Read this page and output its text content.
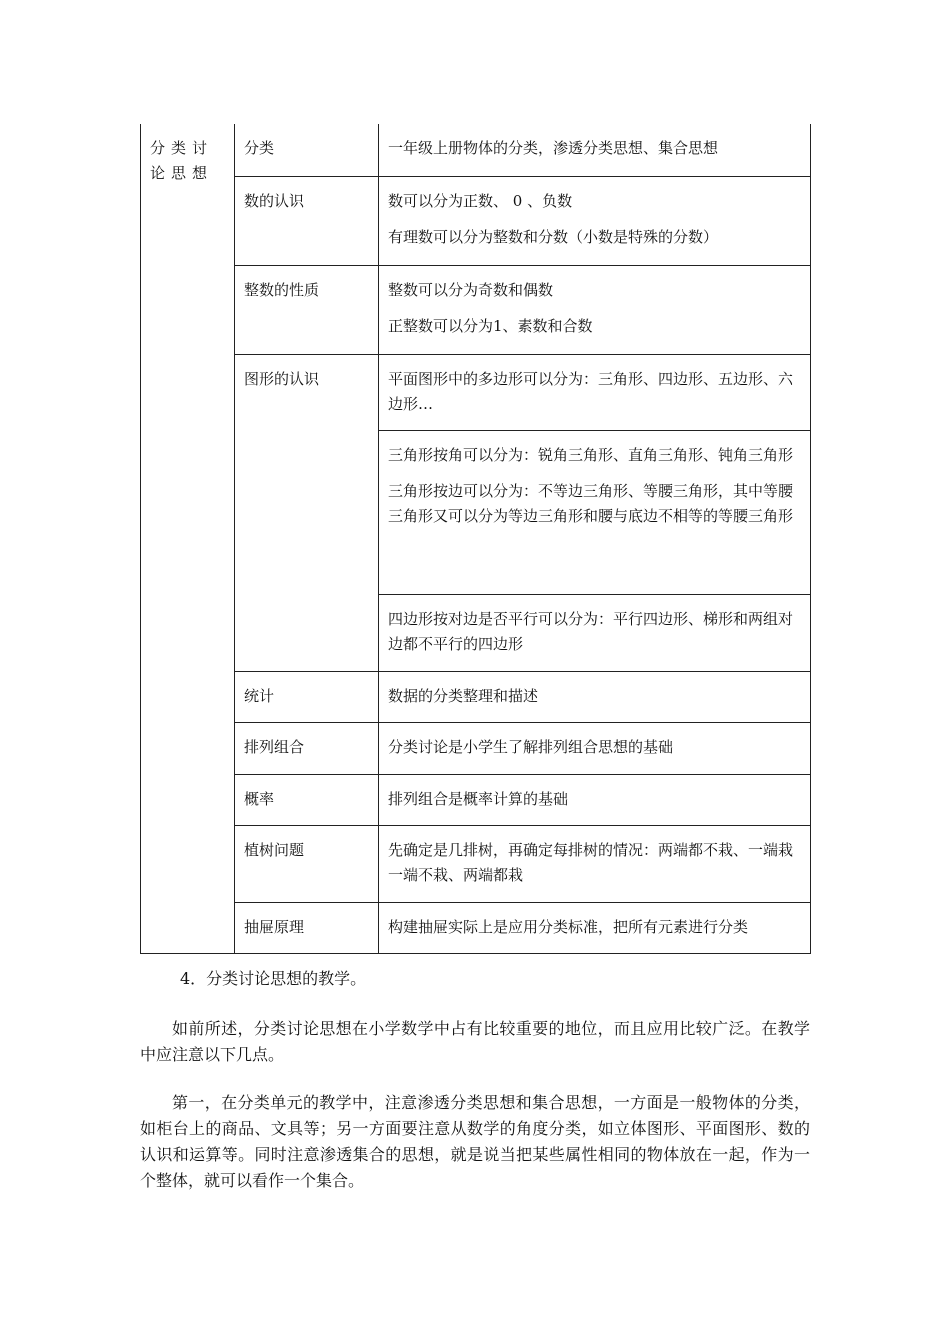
分类讨论思想	分类	一年级上册物体的分类，渗透分类思想、集合思想

	数的认识	数可以分为正数、 0 、负数
有理数可以分为整数和分数（小数是特殊的分数）

	整数的性质	整数可以分为奇数和偶数
正整数可以分为1、素数和合数

	图形的认识	平面图形中的多边形可以分为：三角形、四边形、五边形、六边形…

		三角形按角可以分为：锐角三角形、直角三角形、钝角三角形
三角形按边可以分为：不等边三角形、等腰三角形，其中等腰三角形又可以分为等边三角形和腰与底边不相等的等腰三角形

		四边形按对边是否平行可以分为：平行四边形、梯形和两组对边都不平行的四边形

	统计	数据的分类整理和描述

	排列组合	分类讨论是小学生了解排列组合思想的基础

	概率	排列组合是概率计算的基础

	植树问题	先确定是几排树，再确定每排树的情况：两端都不栽、一端栽一端不栽、两端都栽

	抽屉原理	构建抽屉实际上是应用分类标准，把所有元素进行分类
4．分类讨论思想的教学。
如前所述，分类讨论思想在小学数学中占有比较重要的地位，而且应用比较广泛。在教学中应注意以下几点。
第一，在分类单元的教学中，注意渗透分类思想和集合思想，一方面是一般物体的分类，如柜台上的商品、文具等；另一方面要注意从数学的角度分类，如立体图形、平面图形、数的认识和运算等。同时注意渗透集合的思想，就是说当把某些属性相同的物体放在一起，作为一个整体，就可以看作一个集合。
